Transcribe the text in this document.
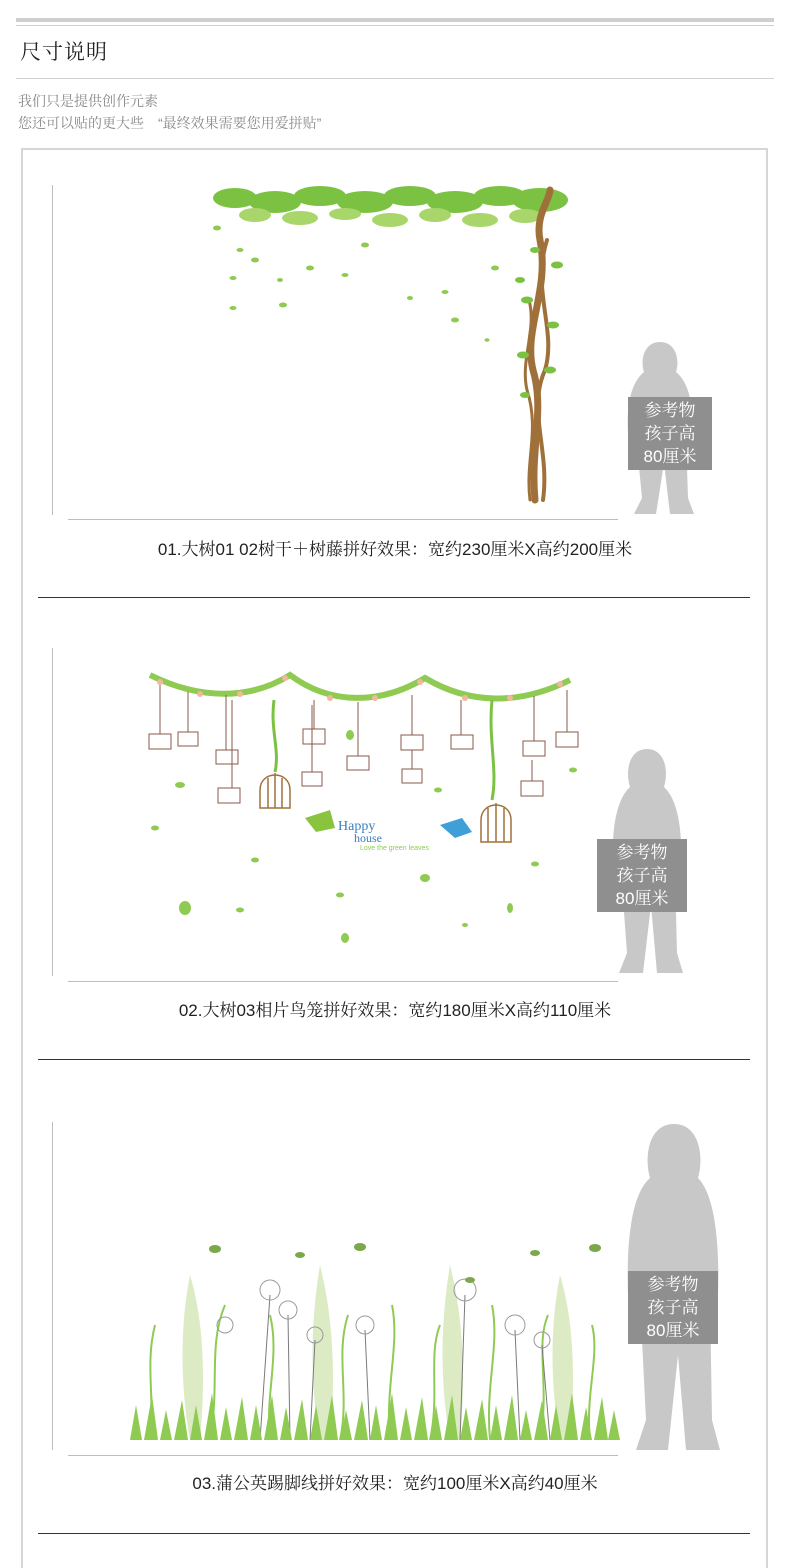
尺寸说明
我们只是提供创作元素
您还可以贴的更大些　“最终效果需要您用爱拼贴”
参考物
孩子高
80厘米
01.大树01 02树干＋树藤拼好效果：宽约230厘米X高约200厘米
Happy
house
Love the green leaves	参考物
孩子高
80厘米
02.大树03相片鸟笼拼好效果：宽约180厘米X高约110厘米
参考物
孩子高
80厘米
03.蒲公英踢脚线拼好效果：宽约100厘米X高约40厘米
